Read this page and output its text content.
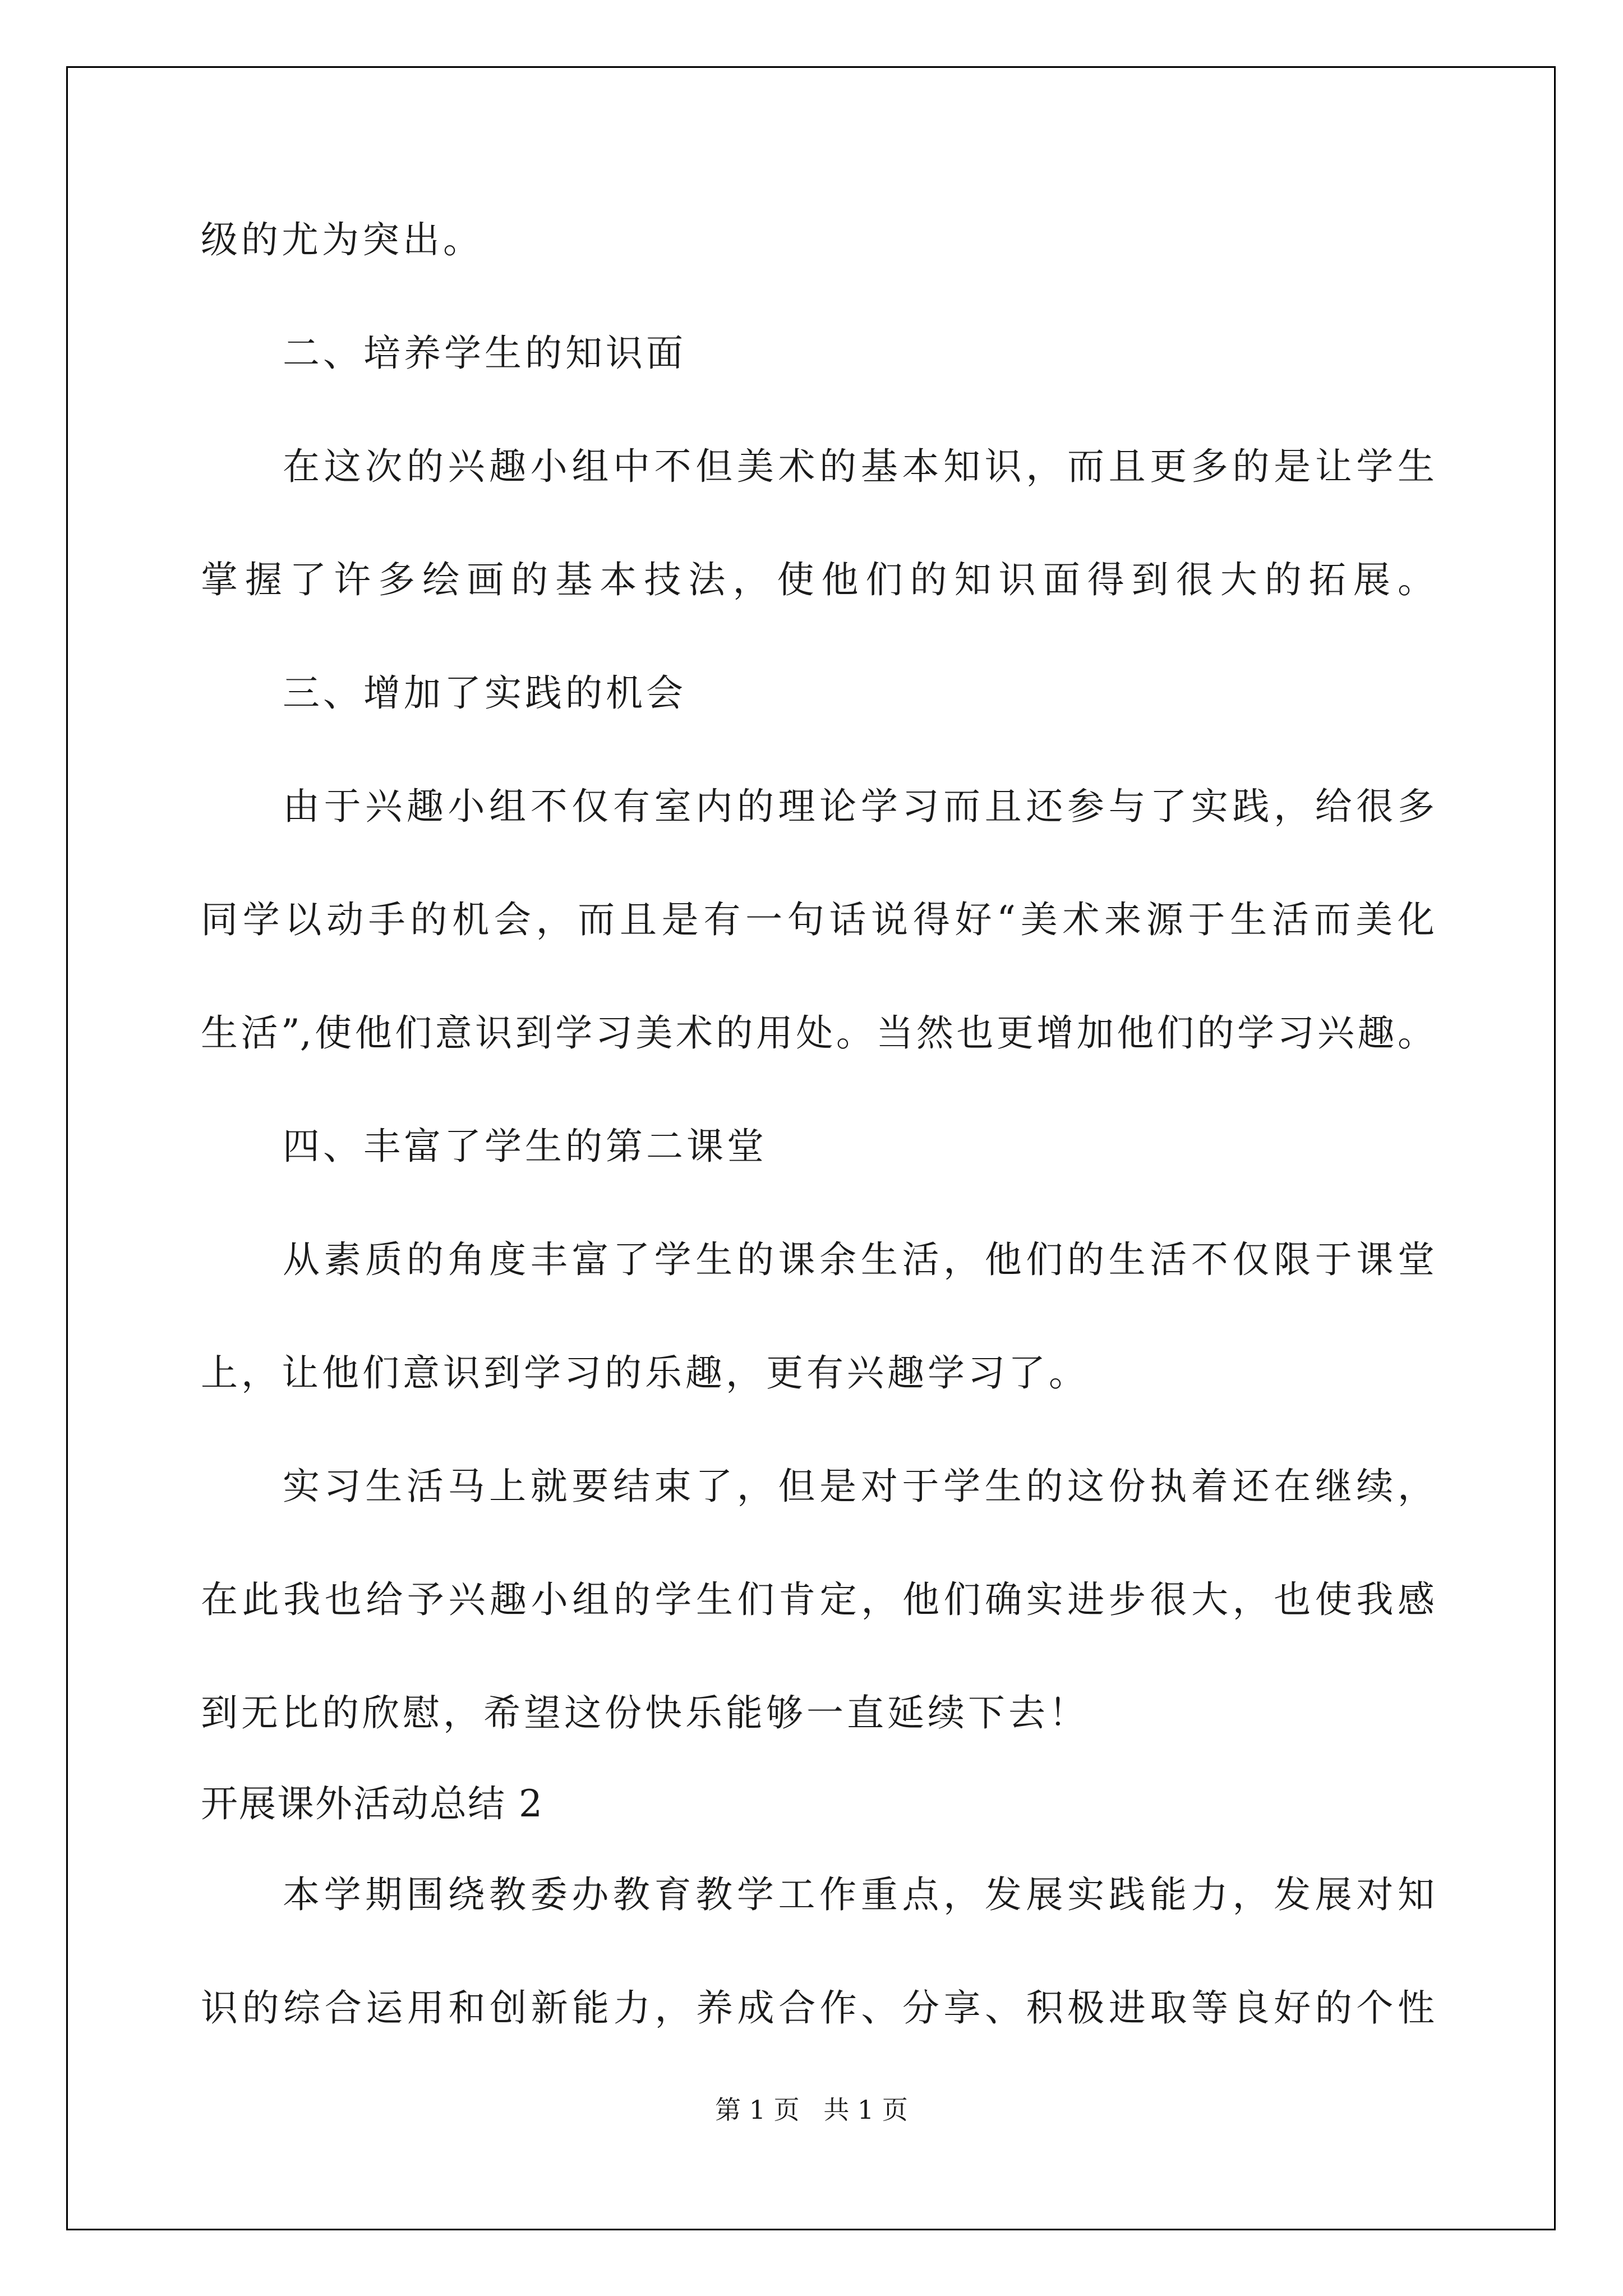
级的尤为突出。
二、培养学生的知识面
在这次的兴趣小组中不但美术的基本知识，而且更多的是让学生
掌握了许多绘画的基本技法，使他们的知识面得到很大的拓展。
三、增加了实践的机会
由于兴趣小组不仅有室内的理论学习而且还参与了实践，给很多
同学以动手的机会，而且是有一句话说得好“美术来源于生活而美化
生活”,使他们意识到学习美术的用处。当然也更增加他们的学习兴趣。
四、丰富了学生的第二课堂
从素质的角度丰富了学生的课余生活，他们的生活不仅限于课堂
上，让他们意识到学习的乐趣，更有兴趣学习了。
实习生活马上就要结束了，但是对于学生的这份执着还在继续，
在此我也给予兴趣小组的学生们肯定，他们确实进步很大，也使我感
到无比的欣慰，希望这份快乐能够一直延续下去！
开展课外活动总结 2
本学期围绕教委办教育教学工作重点，发展实践能力，发展对知
识的综合运用和创新能力，养成合作、分享、积极进取等良好的个性
第 1 页 共 1 页
